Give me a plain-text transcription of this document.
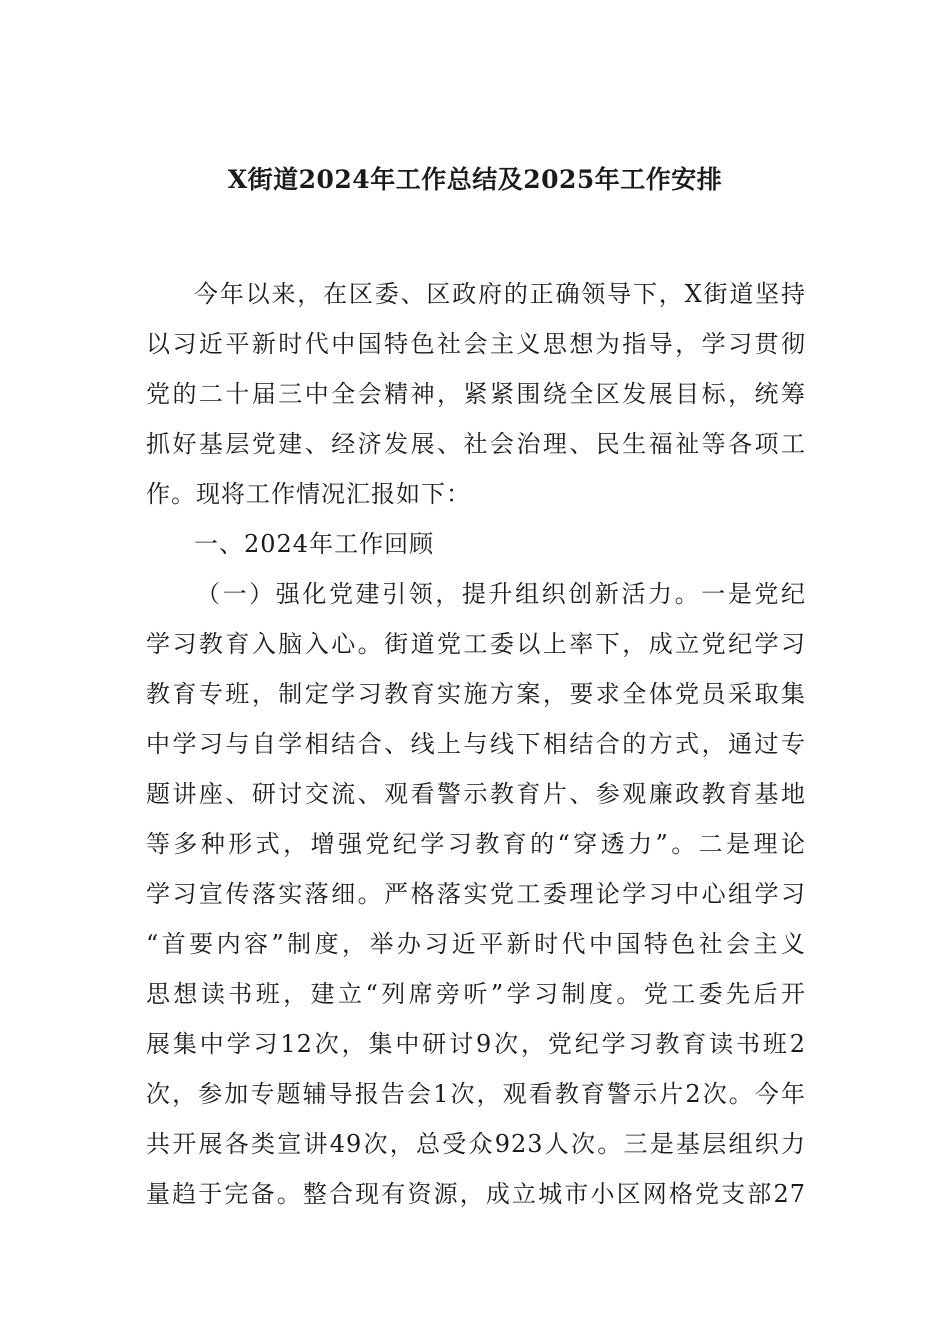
X街道2024年工作总结及2025年工作安排
今年以来，在区委、区政府的正确领导下，X街道坚持
以习近平新时代中国特色社会主义思想为指导，学习贯彻
党的二十届三中全会精神，紧紧围绕全区发展目标，统筹
抓好基层党建、经济发展、社会治理、民生福祉等各项工
作。现将工作情况汇报如下：
一、2024年工作回顾
（一）强化党建引领，提升组织创新活力。一是党纪
学习教育入脑入心。街道党工委以上率下，成立党纪学习
教育专班，制定学习教育实施方案，要求全体党员采取集
中学习与自学相结合、线上与线下相结合的方式，通过专
题讲座、研讨交流、观看警示教育片、参观廉政教育基地
等多种形式，增强党纪学习教育的“穿透力”。二是理论
学习宣传落实落细。严格落实党工委理论学习中心组学习
“首要内容”制度，举办习近平新时代中国特色社会主义
思想读书班，建立“列席旁听”学习制度。党工委先后开
展集中学习12次，集中研讨9次，党纪学习教育读书班2
次，参加专题辅导报告会1次，观看教育警示片2次。今年
共开展各类宣讲49次，总受众923人次。三是基层组织力
量趋于完备。整合现有资源，成立城市小区网格党支部27
